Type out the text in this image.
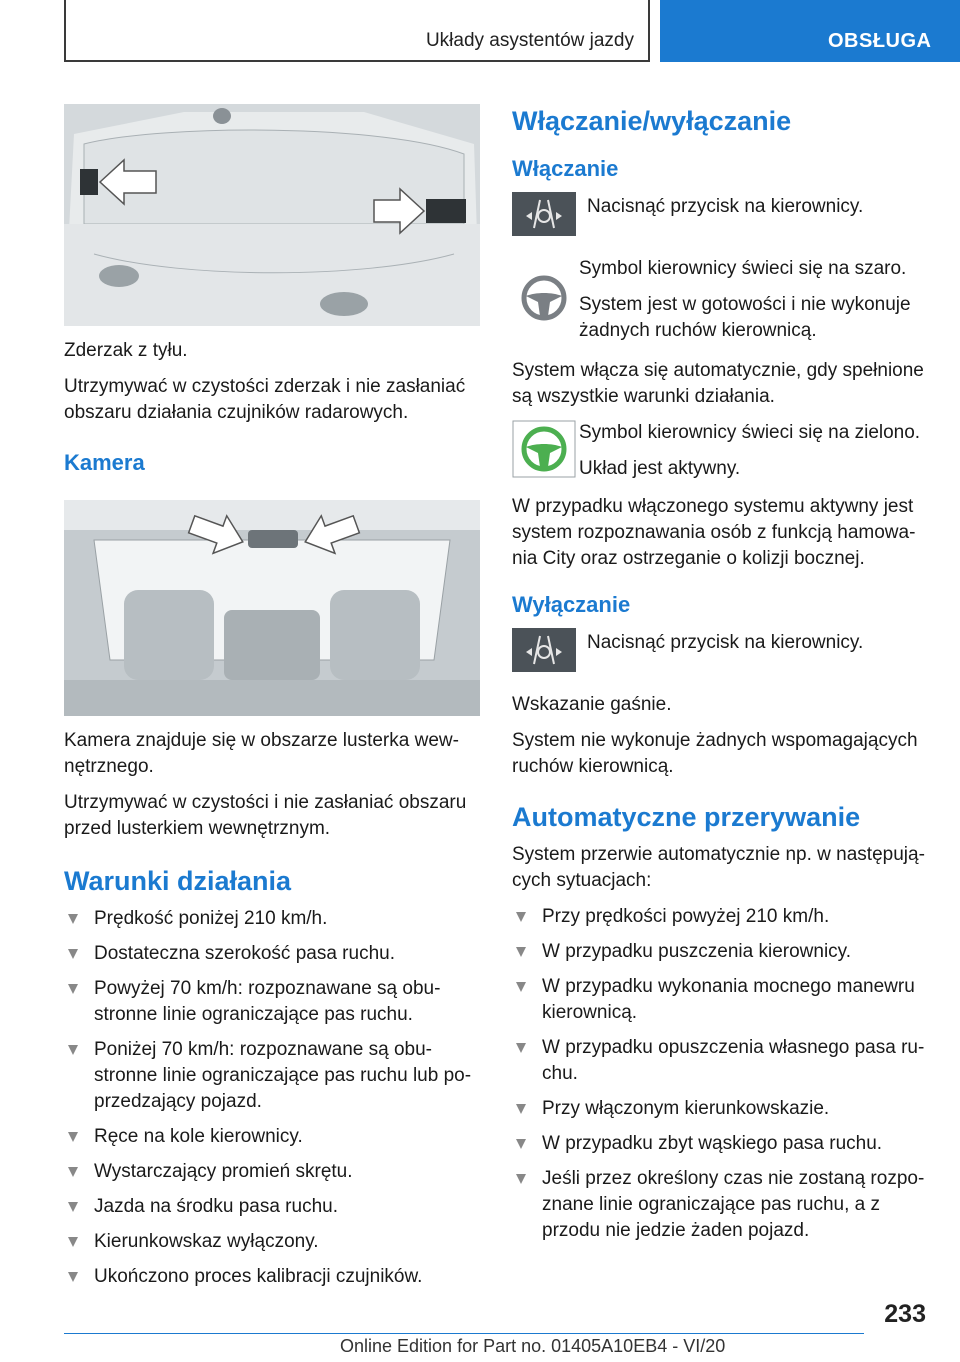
Układy asystentów jazdy	OBSŁUGA

Zderzak z tyłu.

Utrzymywać w czystości zderzak i nie zasłaniać obszaru działania czujników radarowych.

Kamera

Kamera znajduje się w obszarze lusterka wew-nętrznego.

Utrzymywać w czystości i nie zasłaniać obszaru przed lusterkiem wewnętrznym.

Warunki działania
Prędkość poniżej 210 km/h.
Dostateczna szerokość pasa ruchu.
Powyżej 70 km/h: rozpoznawane są obu-stronne linie ograniczające pas ruchu.
Poniżej 70 km/h: rozpoznawane są obu-stronne linie ograniczające pas ruchu lub po-przedzający pojazd.
Ręce na kole kierownicy.
Wystarczający promień skrętu.
Jazda na środku pasa ruchu.
Kierunkowskaz wyłączony.
Ukończono proces kalibracji czujników.
Włączanie/wyłączanie
Włączanie

Nacisnąć przycisk na kierownicy.

Symbol kierownicy świeci się na szaro.

System jest w gotowości i nie wykonuje żadnych ruchów kierownicą.

System włącza się automatycznie, gdy spełnione są wszystkie warunki działania.

Symbol kierownicy świeci się na zielono.

Układ jest aktywny.

W przypadku włączonego systemu aktywny jest system rozpoznawania osób z funkcją hamowa-nia City oraz ostrzeganie o kolizji bocznej.

Wyłączanie

Nacisnąć przycisk na kierownicy.

Wskazanie gaśnie.

System nie wykonuje żadnych wspomagających ruchów kierownicą.

Automatyczne przerywanie

System przerwie automatycznie np. w następują-cych sytuacjach:

Przy prędkości powyżej 210 km/h.
W przypadku puszczenia kierownicy.
W przypadku wykonania mocnego manewru kierownicą.
W przypadku opuszczenia własnego pasa ru-chu.
Przy włączonym kierunkowskazie.
W przypadku zbyt wąskiego pasa ruchu.
Jeśli przez określony czas nie zostaną rozpo-znane linie ograniczające pas ruchu, a z przodu nie jedzie żaden pojazd.
233
Online Edition for Part no. 01405A10EB4 - VI/20
